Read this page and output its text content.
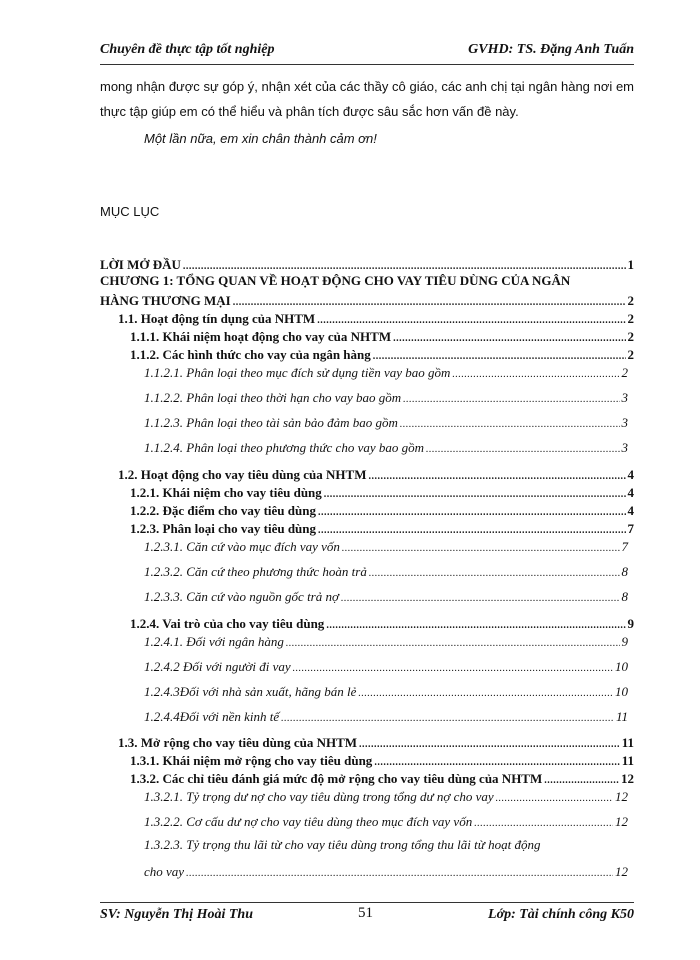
Chuyên đề thực tập tốt nghiệp	GVHD: TS. Đặng Anh Tuấn

mong nhận được sự góp ý, nhận xét của các thầy cô giáo, các anh chị tại ngân hàng nơi em thực tập giúp em có thể hiểu và phân tích được sâu sắc hơn vấn đề này.

Một lần nữa, em xin chân thành cảm ơn!

MỤC LỤC
LỜI MỞ ĐẦU .....	1
CHƯƠNG 1: TỔNG QUAN VỀ HOẠT ĐỘNG CHO VAY TIÊU DÙNG CỦA NGÂN
HÀNG THƯƠNG MẠI .....	2
1.1. Hoạt động tín dụng của NHTM .....	2
1.1.1. Khái niệm hoạt động cho vay của NHTM .....	2
1.1.2. Các hình thức cho vay của ngân hàng .....	2
1.1.2.1. Phân loại theo mục đích sử dụng tiền vay bao gồm .....	2
1.1.2.2. Phân loại theo thời hạn cho vay bao gồm .....	3
1.1.2.3. Phân loại theo tài sản bảo đảm bao gồm .....	3
1.1.2.4. Phân loại theo phương thức cho vay bao gồm .....	3
1.2. Hoạt động cho vay tiêu dùng của NHTM .....	4
1.2.1. Khái niệm cho vay tiêu dùng .....	4
1.2.2. Đặc điểm cho vay tiêu dùng .....	4
1.2.3. Phân loại cho vay tiêu dùng .....	7
1.2.3.1. Căn cứ vào mục đích vay vốn .....	7
1.2.3.2. Căn cứ theo phương thức hoàn trả .....	8
1.2.3.3. Căn cứ vào nguồn gốc trả nợ .....	8
1.2.4. Vai trò của cho vay tiêu dùng .....	9
1.2.4.1. Đối với ngân hàng .....	9
1.2.4.2 Đối với người đi vay .....	10
1.2.4.3Đối với nhà sản xuất, hãng bán lẻ .....	10
1.2.4.4Đối với nền kinh tế .....	11
1.3. Mở rộng cho vay tiêu dùng của NHTM .....	11
1.3.1. Khái niệm mở rộng cho vay tiêu dùng .....	11
1.3.2. Các chỉ tiêu đánh giá mức độ mở rộng cho vay tiêu dùng của NHTM .....	12
1.3.2.1. Tỷ trọng dư nợ cho vay tiêu dùng trong tổng dư nợ cho vay .....	12
1.3.2.2. Cơ cấu dư nợ cho vay tiêu dùng theo mục đích vay vốn .....	12
1.3.2.3. Tỷ trọng thu lãi từ cho vay tiêu dùng trong tổng thu lãi từ hoạt động
cho vay .....	12
SV: Nguyễn Thị Hoài Thu	51	Lớp: Tài chính công K50
